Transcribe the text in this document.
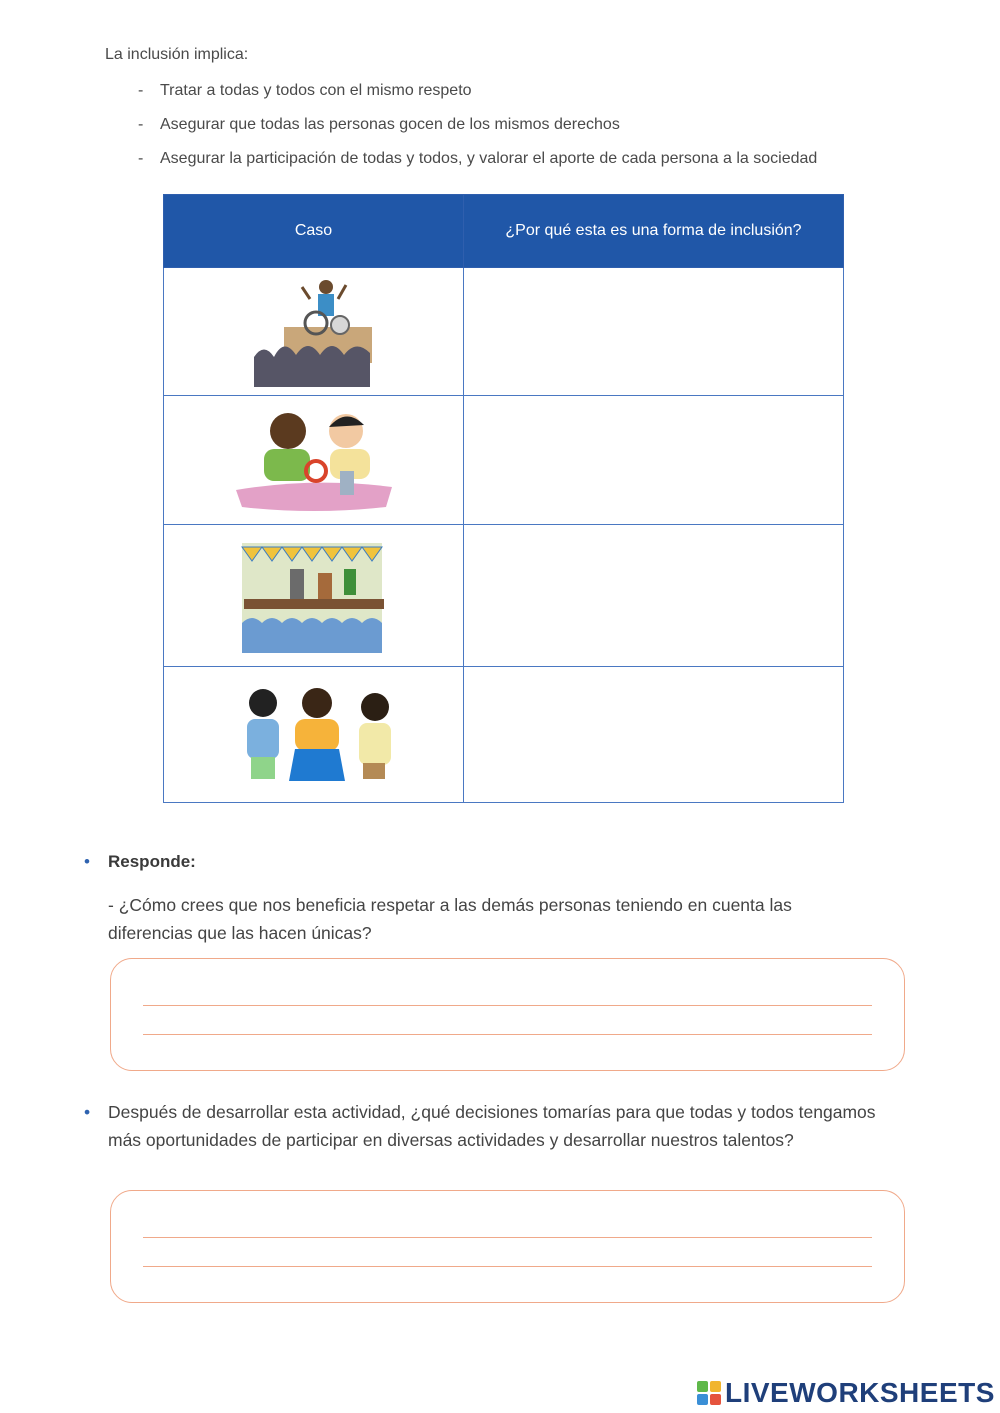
La inclusión implica:
- Tratar a todas y todos con el mismo respeto
- Asegurar que todas las personas gocen de los mismos derechos
- Asegurar la participación de todas y todos, y valorar el aporte de cada persona a la sociedad
Caso	¿Por qué esta es una forma de inclusión?

• Responde:
- ¿Cómo crees que nos beneficia respetar a las demás personas teniendo en cuenta las diferencias que las hacen únicas?
• Después de desarrollar esta actividad, ¿qué decisiones tomarías para que todas y todos tengamos más oportunidades de participar en diversas actividades y desarrollar nuestros talentos?
LIVEWORKSHEETS
